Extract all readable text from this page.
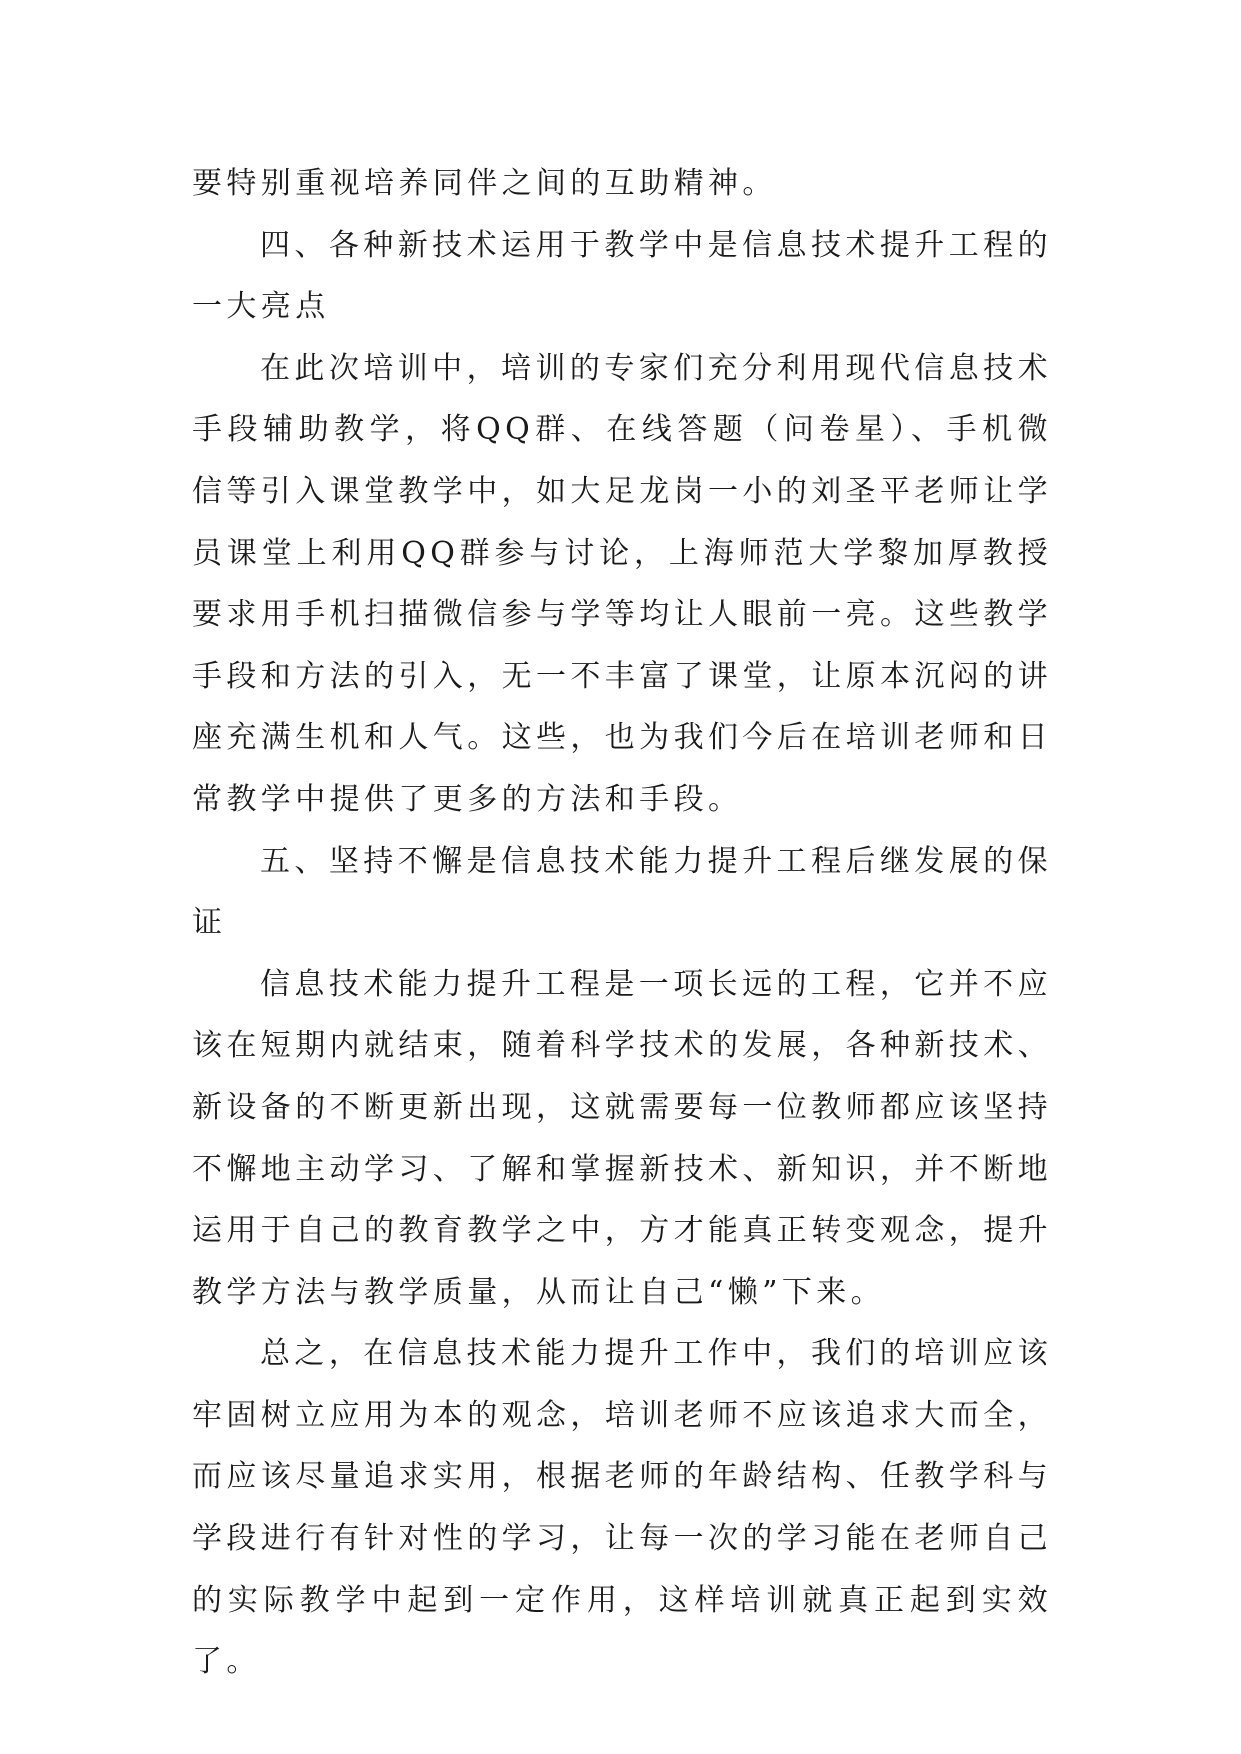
要特别重视培养同伴之间的互助精神。

四、各种新技术运用于教学中是信息技术提升工程的一大亮点

在此次培训中，培训的专家们充分利用现代信息技术手段辅助教学，将QQ群、在线答题（问卷星）、手机微信等引入课堂教学中，如大足龙岗一小的刘圣平老师让学员课堂上利用QQ群参与讨论，上海师范大学黎加厚教授要求用手机扫描微信参与学等均让人眼前一亮。这些教学手段和方法的引入，无一不丰富了课堂，让原本沉闷的讲座充满生机和人气。这些，也为我们今后在培训老师和日常教学中提供了更多的方法和手段。

五、坚持不懈是信息技术能力提升工程后继发展的保证

信息技术能力提升工程是一项长远的工程，它并不应该在短期内就结束，随着科学技术的发展，各种新技术、新设备的不断更新出现，这就需要每一位教师都应该坚持不懈地主动学习、了解和掌握新技术、新知识，并不断地运用于自己的教育教学之中，方才能真正转变观念，提升教学方法与教学质量，从而让自己“懒”下来。

总之，在信息技术能力提升工作中，我们的培训应该牢固树立应用为本的观念，培训老师不应该追求大而全，而应该尽量追求实用，根据老师的年龄结构、任教学科与学段进行有针对性的学习，让每一次的学习能在老师自己的实际教学中起到一定作用，这样培训就真正起到实效了。
